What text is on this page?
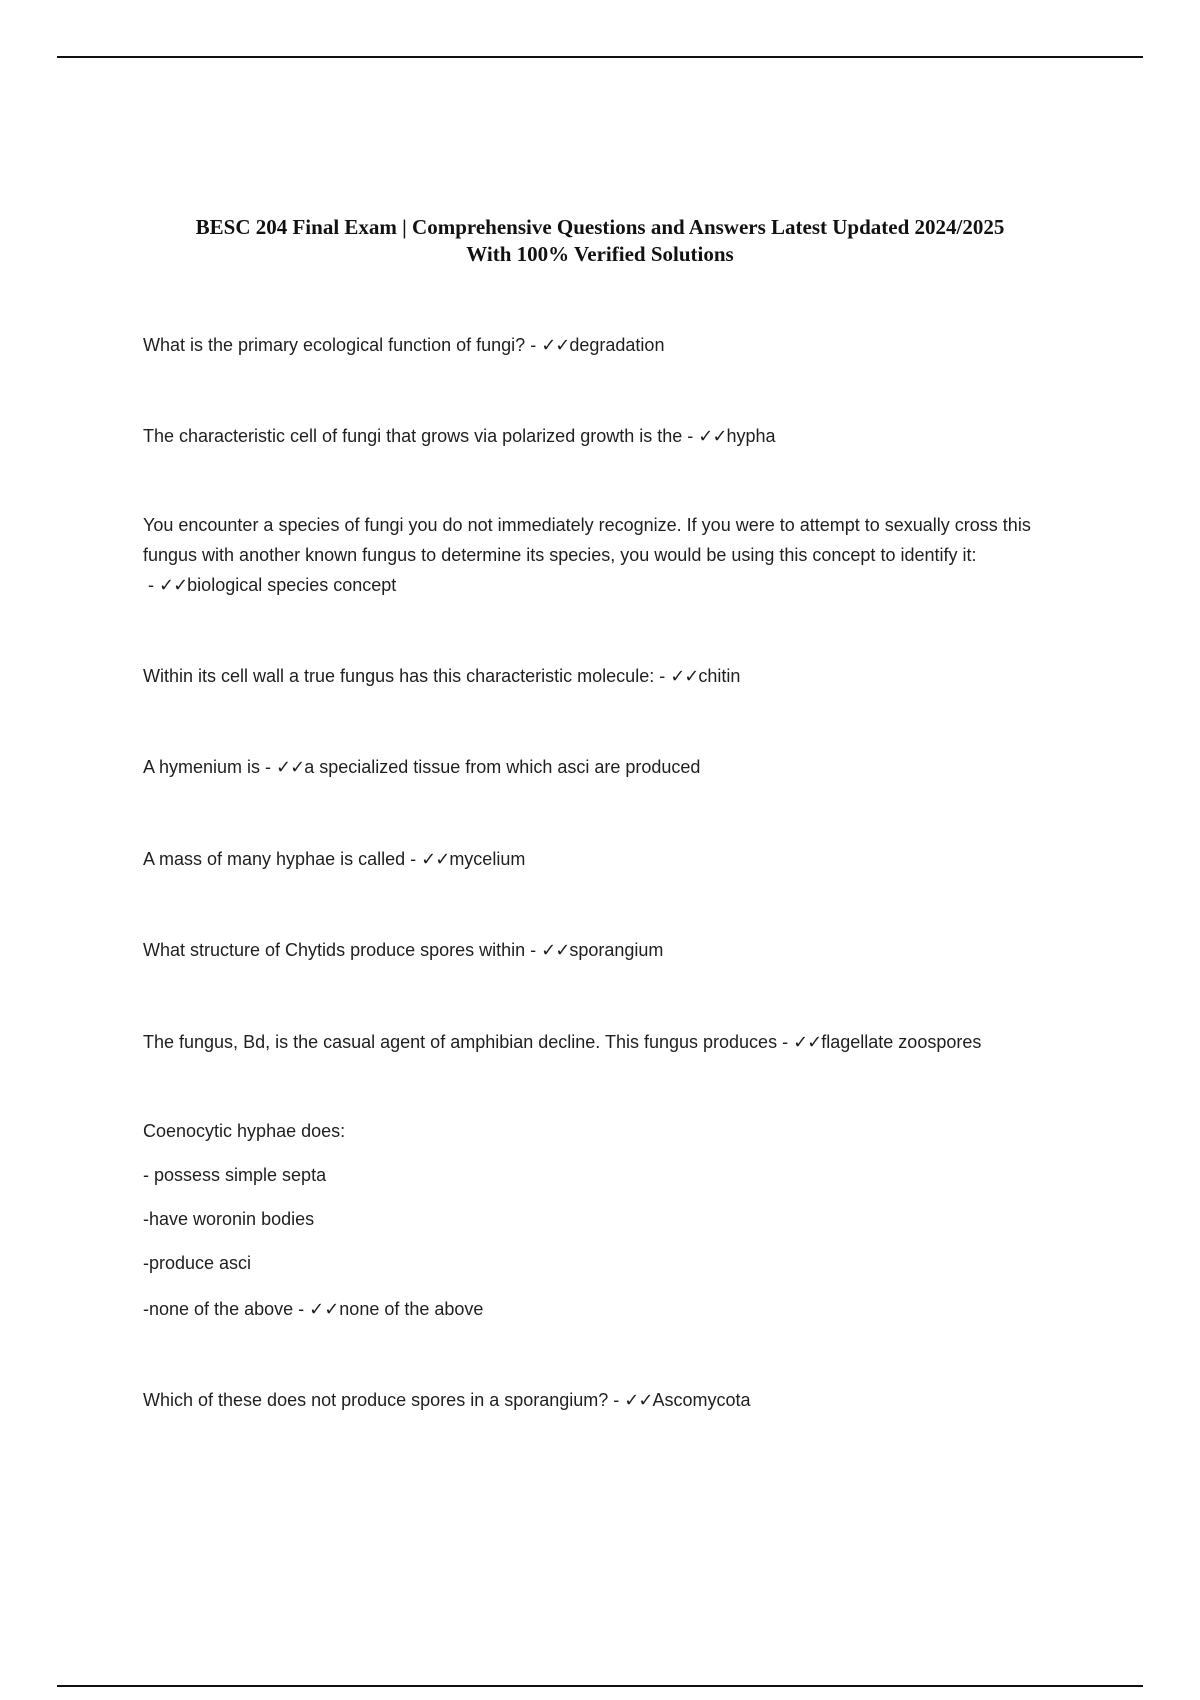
BESC 204 Final Exam | Comprehensive Questions and Answers Latest Updated 2024/2025
With 100% Verified Solutions
What is the primary ecological function of fungi? - ✓✓degradation
The characteristic cell of fungi that grows via polarized growth is the - ✓✓hypha
You encounter a species of fungi you do not immediately recognize. If you were to attempt to sexually cross this fungus with another known fungus to determine its species, you would be using this concept to identify it: - ✓✓biological species concept
Within its cell wall a true fungus has this characteristic molecule: - ✓✓chitin
A hymenium is - ✓✓a specialized tissue from which asci are produced
A mass of many hyphae is called - ✓✓mycelium
What structure of Chytids produce spores within - ✓✓sporangium
The fungus, Bd, is the casual agent of amphibian decline. This fungus produces - ✓✓flagellate zoospores
Coenocytic hyphae does:
- possess simple septa
-have woronin bodies
-produce asci
-none of the above - ✓✓none of the above
Which of these does not produce spores in a sporangium? - ✓✓Ascomycota
